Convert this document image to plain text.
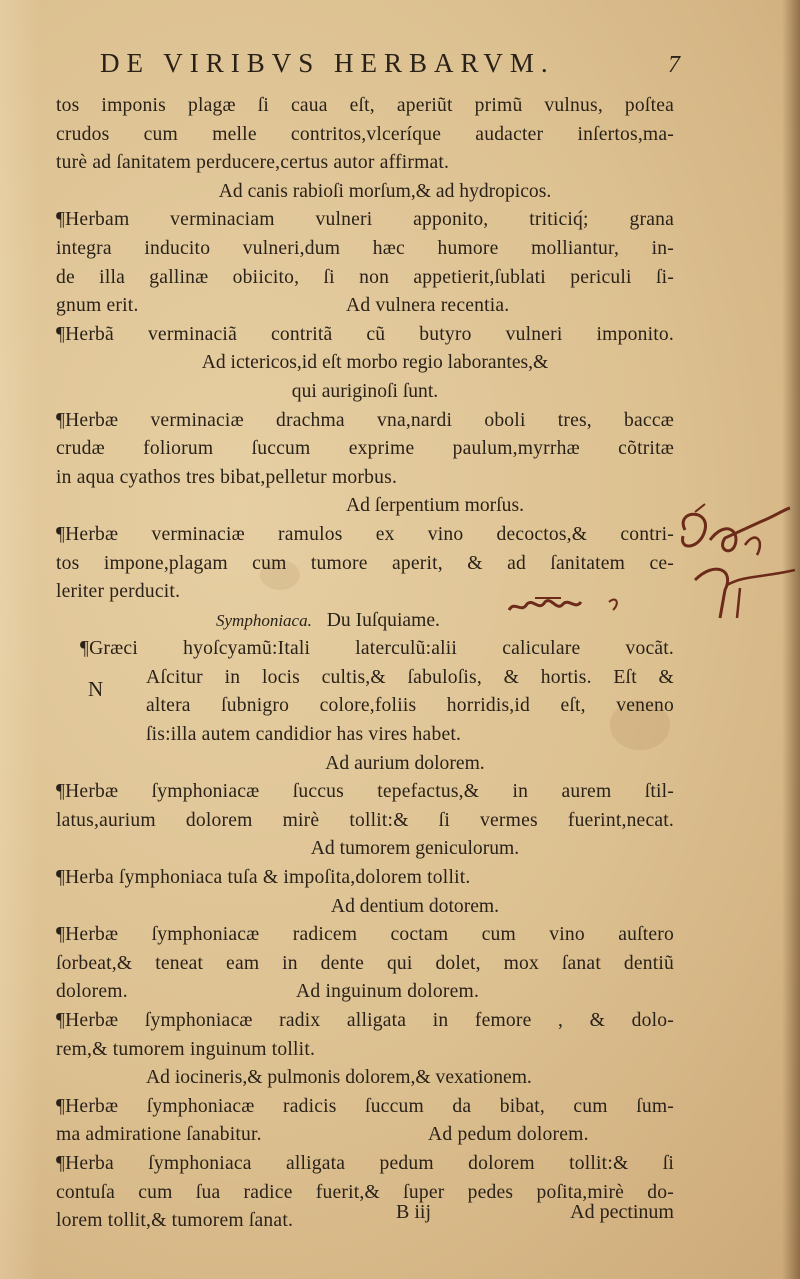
DE VIRIBVS HERBARVM.	7
tos imponis plagæ ſi caua eſt, aperiũt primũ vulnus, poſtea
crudos cum melle contritos,vlceríque audacter inſertos,ma-
turè ad ſanitatem perducere,certus autor affirmat.
Ad canis rabioſi morſum,& ad hydropicos.
¶Herbam verminaciam vulneri apponito, triticiq́; grana
integra inducito vulneri,dum hæc humore molliantur, in-
de illa gallinæ obiicito, ſi non appetierit,ſublati periculi ſi-
gnum erit.	Ad vulnera recentia.
¶Herbã verminaciã contritã cũ butyro vulneri imponito.
Ad ictericos,id eſt morbo regio laborantes,&
qui auriginoſi ſunt.
¶Herbæ verminaciæ drachma vna,nardi oboli tres, baccæ
crudæ foliorum ſuccum exprime paulum,myrrhæ cõtritæ
in aqua cyathos tres bibat,pelletur morbus.
Ad ſerpentium morſus.
¶Herbæ verminaciæ ramulos ex vino decoctos,& contri-
tos impone,plagam cum tumore aperit, & ad ſanitatem ce-
leriter perducit.
Symphoniaca. Du Iuſquiame.
¶Græci hyoſcyamũ:Itali laterculũ:alii caliculare vocãt.
Aſcitur in locis cultis,& ſabuloſis, & hortis. Eſt &
altera ſubnigro colore,foliis horridis,id eſt, veneno
ſis:illa autem candidior has vires habet.
Ad aurium dolorem.
¶Herbæ ſymphoniacæ ſuccus tepefactus,& in aurem ſtil-
latus,aurium dolorem mirè tollit:& ſi vermes fuerint,necat.
Ad tumorem geniculorum.
¶Herba ſymphoniaca tuſa & impoſita,dolorem tollit.
Ad dentium dotorem.
¶Herbæ ſymphoniacæ radicem coctam cum vino auſtero
ſorbeat,& teneat eam in dente qui dolet, mox ſanat dentiũ
dolorem.	Ad inguinum dolorem.
¶Herbæ ſymphoniacæ radix alligata in femore , & dolo-
rem,& tumorem inguinum tollit.
Ad iocineris,& pulmonis dolorem,& vexationem.
¶Herbæ ſymphoniacæ radicis ſuccum da bibat, cum ſum-
ma admiratione ſanabitur.	Ad pedum dolorem.
¶Herba ſymphoniaca alligata pedum dolorem tollit:& ſi
contuſa cum ſua radice fuerit,& ſuper pedes poſita,mirè do-
lorem tollit,& tumorem ſanat.
N
B iij	Ad pectinum
